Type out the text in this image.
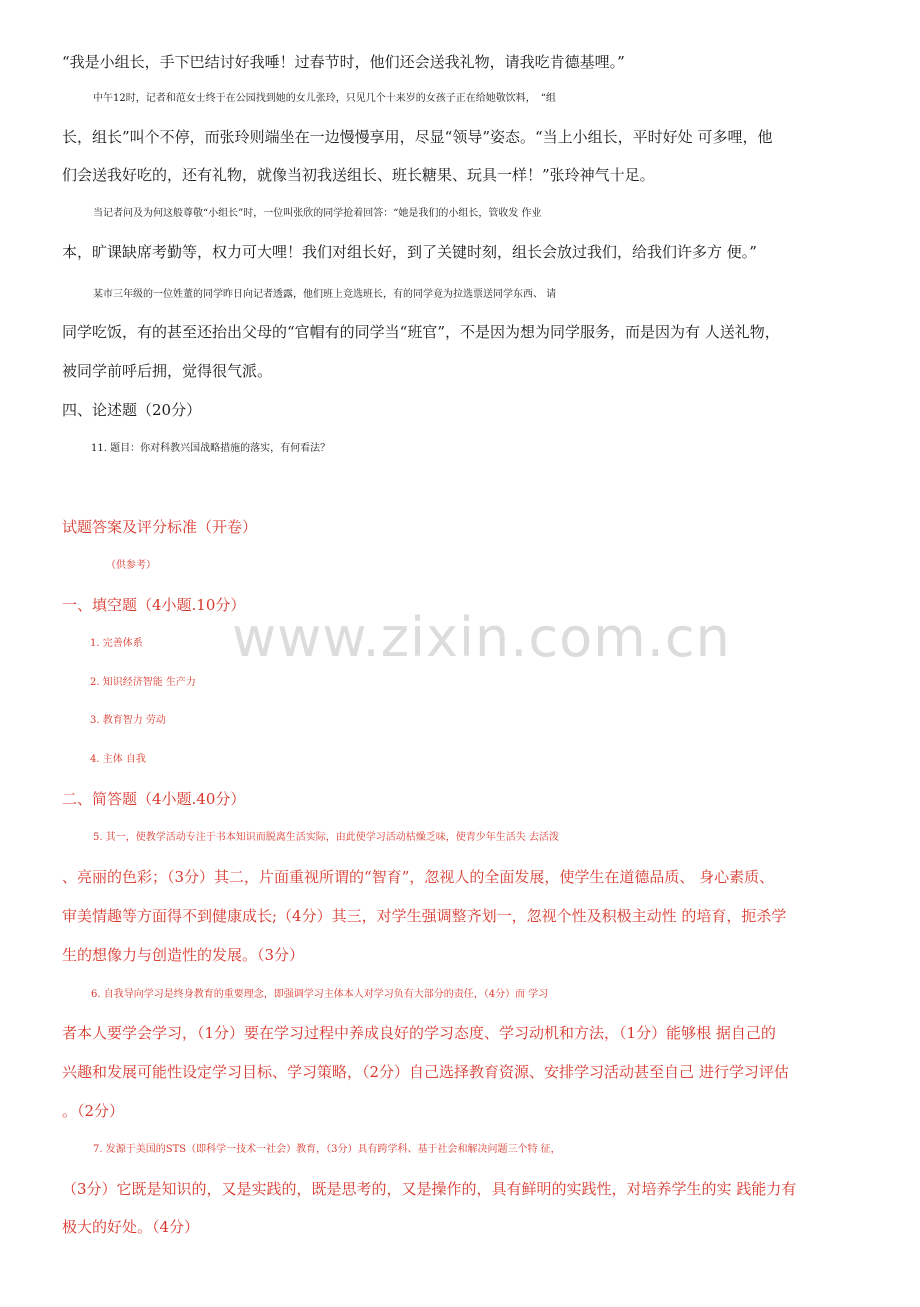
www.zixin.com.cn
“我是小组长，手下巴结讨好我唾！过春节时，他们还会送我礼物，请我吃肯德基哩。”
中午12时，记者和范女士终于在公园找到她的女儿张玲，只见几个十来岁的女孩子正在给她敬饮料，　“组
长，组长”叫个不停，而张玲则端坐在一边慢慢享用，尽显“领导”姿态。“当上小组长，平时好处 可多哩，他
们会送我好吃的，还有礼物，就像当初我送组长、班长糖果、玩具一样！”张玲神气十足。
当记者问及为何这般尊敬“小组长”时，一位叫张欣的同学抢着回答：“她是我们的小组长，管收发 作业
本，旷课缺席考勤等，权力可大哩！我们对组长好，到了关键时刻，组长会放过我们，给我们许多方 便。”
某市三年级的一位姓董的同学昨日向记者透露，他们班上竞选班长，有的同学竟为拉选票送同学东西、 请
同学吃饭，有的甚至还抬出父母的“官帽有的同学当“班官”，不是因为想为同学服务，而是因为有 人送礼物，
被同学前呼后拥，觉得很气派。
四、论述题（20分）
11. 题目：你对科教兴国战略措施的落实，有何看法？
试题答案及评分标准（开卷）
（供参考）
一、填空题（4小题.10分）
1. 完善体系
2. 知识经济智能 生产力
3. 教育智力 劳动
4. 主体 自我
二、简答题（4小题.40分）
5. 其一，使教学活动专注于书本知识而脱离生活实际，由此使学习活动枯燥乏味，使青少年生活失 去活泼
、亮丽的色彩；（3分）其二，片面重视所谓的“智育”，忽视人的全面发展，使学生在道德品质、 身心素质、
审美情趣等方面得不到健康成长;（4分）其三，对学生强调整齐划一，忽视个性及积极主动性 的培育，扼杀学
生的想像力与创造性的发展。（3分）
6. 自我导向学习是终身教育的重要理念，即强调学习主体本人对学习负有大部分的责任，（4分）而 学习
者本人要学会学习，（1分）要在学习过程中养成良好的学习态度、学习动机和方法，（1分）能够根 据自己的
兴趣和发展可能性设定学习目标、学习策略，（2分）自己选择教育资源、安排学习活动甚至自己 进行学习评估
。（2分）
7. 发源于美国的STS（即科学一技术一社会）教育，（3分）具有跨学科、基于社会和解决问题三个特 征，
（3分）它既是知识的，又是实践的，既是思考的，又是操作的，具有鲜明的实践性，对培养学生的实 践能力有
极大的好处。（4分）
